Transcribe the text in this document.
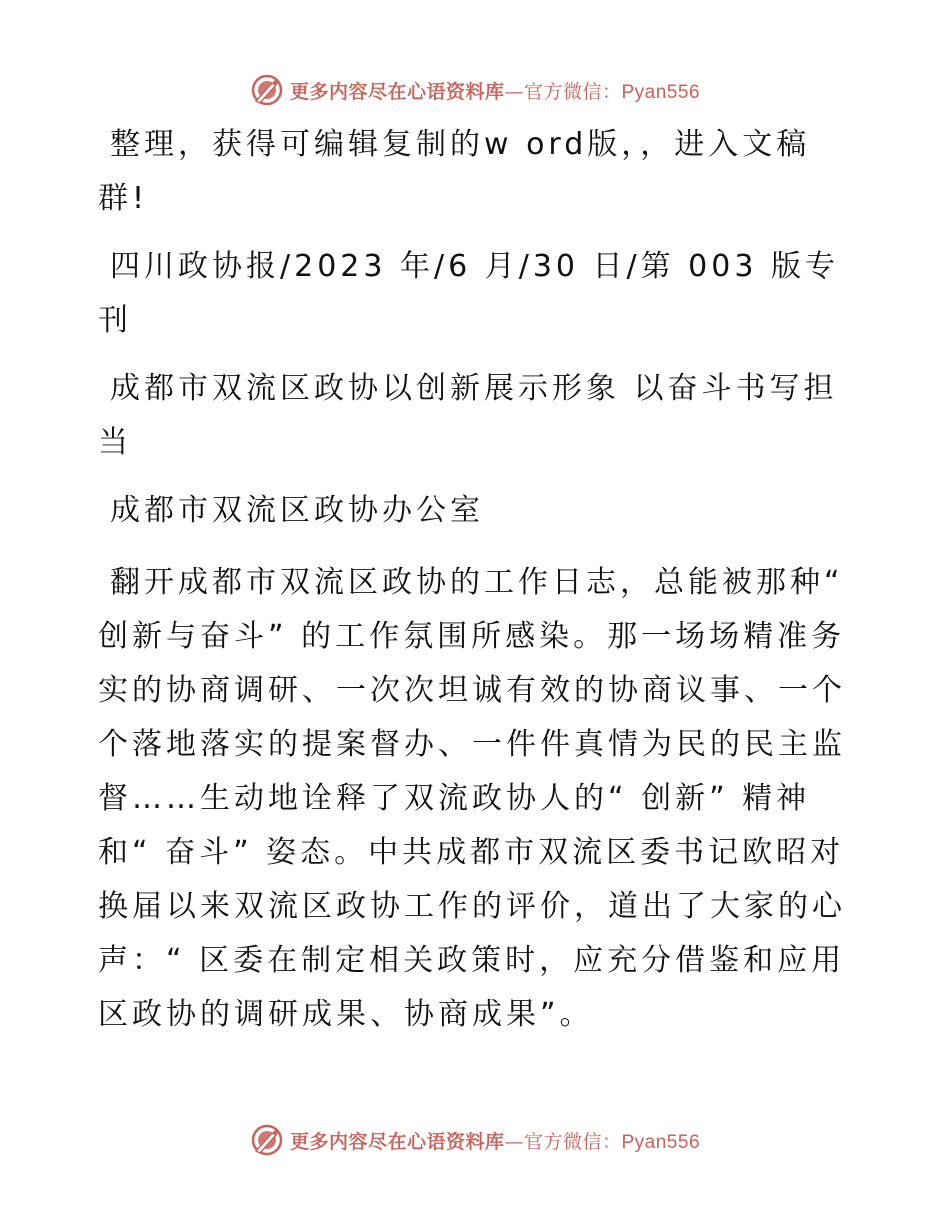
更多内容尽在心语资料库—官方微信：Pyan556

整理，获得可编辑复制的w ord版，，进入文稿群!

四川政协报/2023 年/6 月/30 日/第 003 版专刊

成都市双流区政协以创新展示形象 以奋斗书写担当

成都市双流区政协办公室

翻开成都市双流区政协的工作日志，总能被那种“ 创新与奋斗” 的工作氛围所感染。那一场场精准务实的协商调研、一次次坦诚有效的协商议事、一个个落地落实的提案督办、一件件真情为民的民主监督……生动地诠释了双流政协人的“ 创新” 精神和“ 奋斗” 姿态。中共成都市双流区委书记欧昭对换届以来双流区政协工作的评价，道出了大家的心声：“ 区委在制定相关政策时，应充分借鉴和应用区政协的调研成果、协商成果”。

更多内容尽在心语资料库—官方微信：Pyan556
